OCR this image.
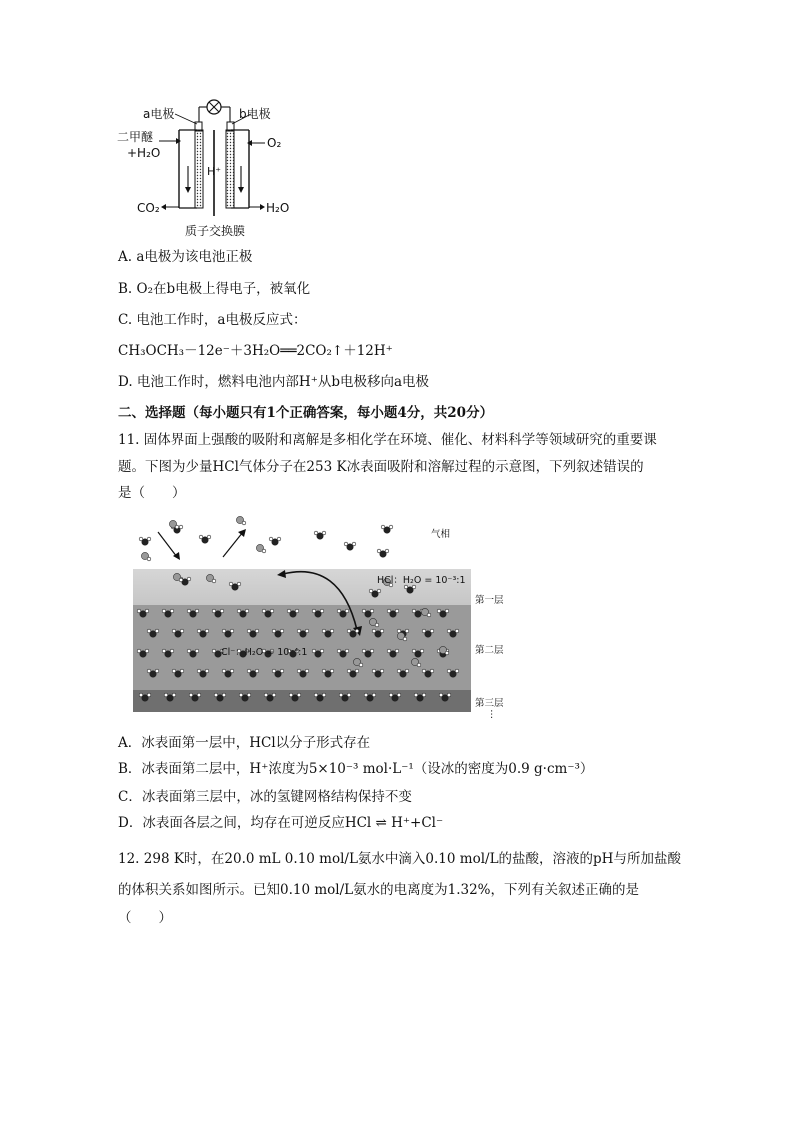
a电极	b电极
二甲醚
+H₂O
O₂
H⁺
CO₂	H₂O
质子交换膜
A. a电极为该电池正极
B. O₂在b电极上得电子，被氧化
C. 电池工作时，a电极反应式：
CH₃OCH₃－12e⁻＋3H₂O══2CO₂↑＋12H⁺
D. 电池工作时，燃料电池内部H⁺从b电极移向a电极
二、选择题（每小题只有1个正确答案，每小题4分，共20分）
11. 固体界面上强酸的吸附和离解是多相化学在环境、催化、材料科学等领域研究的重要课
题。下图为少量HCl气体分子在253 K冰表面吸附和溶解过程的示意图，下列叙述错误的
是（　　）
气相
HCl：H₂O = 10⁻³:1
Cl⁻：H₂O = 10⁻⁴:1
第一层
第二层
第三层
⋮
A．冰表面第一层中，HCl以分子形式存在
B．冰表面第二层中，H⁺浓度为5×10⁻³ mol·L⁻¹（设冰的密度为0.9 g·cm⁻³）
C．冰表面第三层中，冰的氢键网格结构保持不变
D．冰表面各层之间，均存在可逆反应HCl ⇌ H⁺+Cl⁻
12. 298 K时，在20.0 mL 0.10 mol/L氨水中滴入0.10 mol/L的盐酸，溶液的pH与所加盐酸
的体积关系如图所示。已知0.10 mol/L氨水的电离度为1.32%，下列有关叙述正确的是
（　　）
